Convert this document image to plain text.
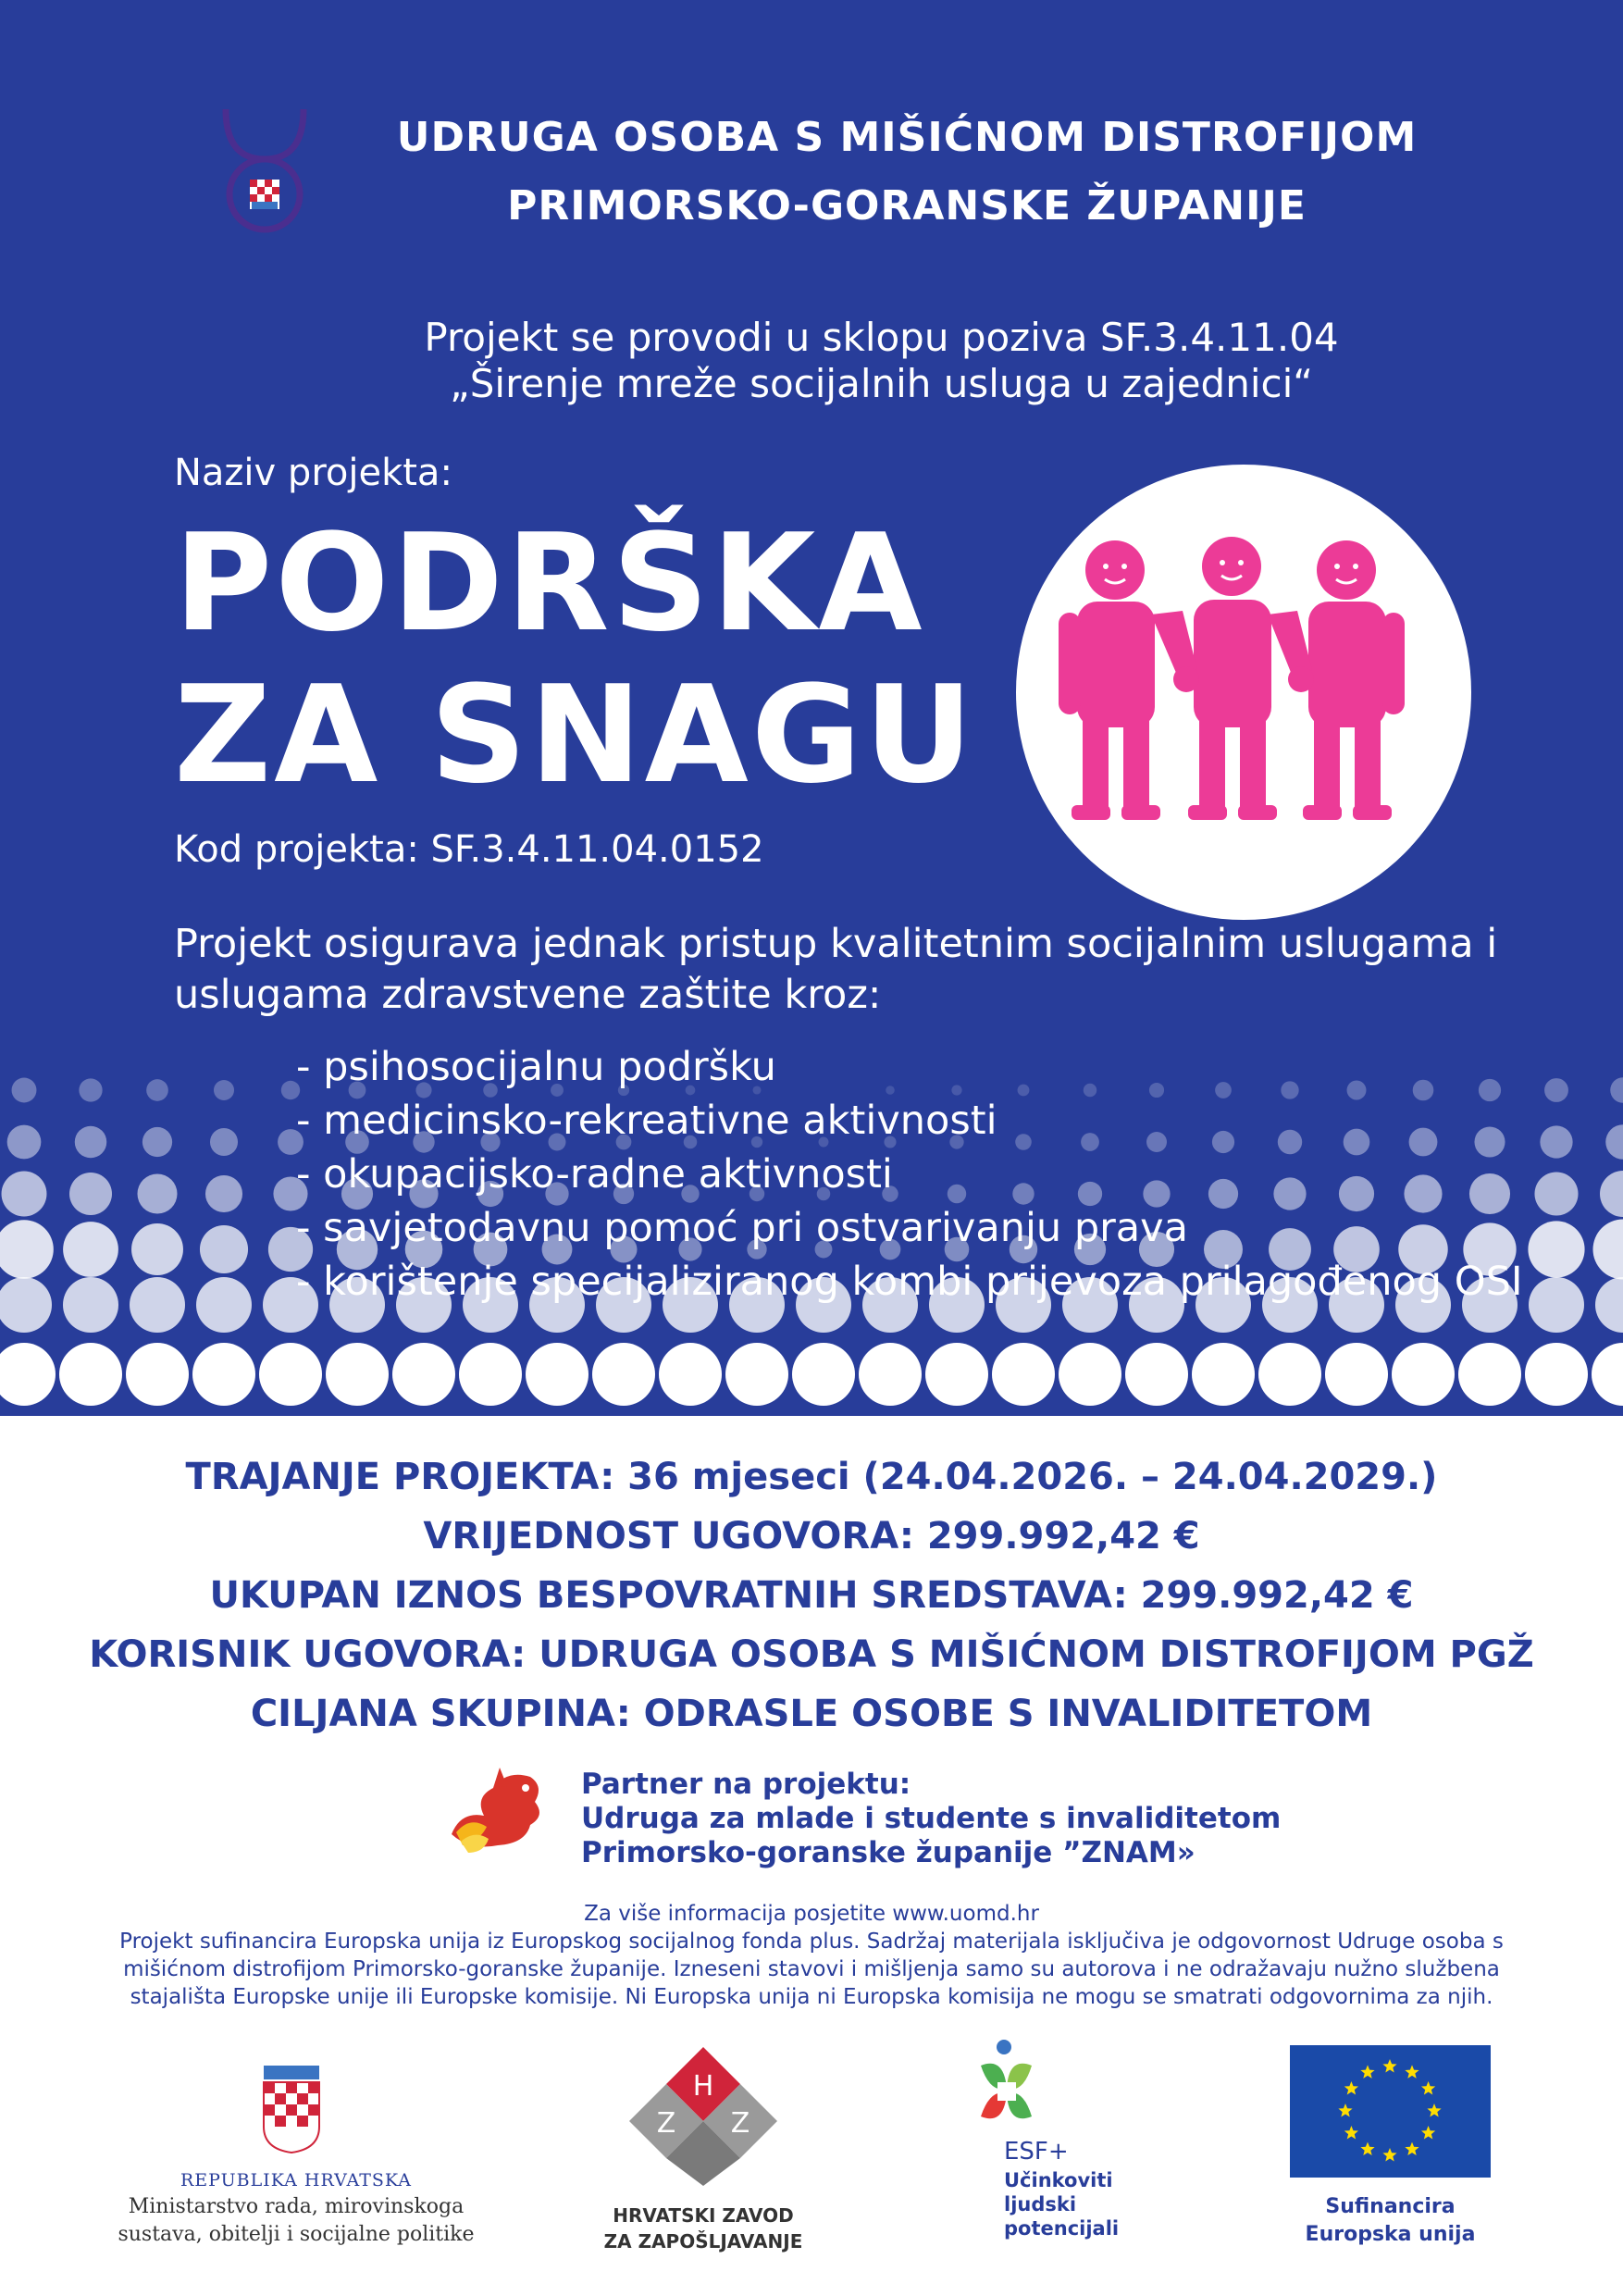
UDRUGA OSOBA S MIŠIĆNOM DISTROFIJOM
PRIMORSKO-GORANSKE ŽUPANIJE
Projekt se provodi u sklopu poziva SF.3.4.11.04
„Širenje mreže socijalnih usluga u zajednici“
Naziv projekta:
PODRŠKA
ZA SNAGU
Kod projekta: SF.3.4.11.04.0152
Projekt osigurava jednak pristup kvalitetnim socijalnim uslugama i
uslugama zdravstvene zaštite kroz:
- psihosocijalnu podršku
- medicinsko-rekreativne aktivnosti
- okupacijsko-radne aktivnosti
- savjetodavnu pomoć pri ostvarivanju prava
- korištenje specijaliziranog kombi prijevoza prilagođenog OSI
TRAJANJE PROJEKTA: 36 mjeseci (24.04.2026. – 24.04.2029.)
VRIJEDNOST UGOVORA: 299.992,42 €
UKUPAN IZNOS BESPOVRATNIH SREDSTAVA: 299.992,42 €
KORISNIK UGOVORA: UDRUGA OSOBA S MIŠIĆNOM DISTROFIJOM PGŽ
CILJANA SKUPINA: ODRASLE OSOBE S INVALIDITETOM
Partner na projektu:
Udruga za mlade i studente s invaliditetom
Primorsko-goranske županije ”ZNAM»
Za više informacija posjetite www.uomd.hr
Projekt sufinancira Europska unija iz Europskog socijalnog fonda plus. Sadržaj materijala isključiva je odgovornost Udruge osoba s
mišićnom distrofijom Primorsko-goranske županije. Izneseni stavovi i mišljenja samo su autorova i ne odražavaju nužno službena
stajališta Europske unije ili Europske komisije. Ni Europska unija ni Europska komisija ne mogu se smatrati odgovornima za njih.
REPUBLIKA HRVATSKA
Ministarstvo rada, mirovinskoga
sustava, obitelji i socijalne politike
H
Z Z
HRVATSKI ZAVOD
ZA ZAPOŠLJAVANJE
ESF+
Učinkoviti
ljudski
potencijali
Sufinancira
Europska unija
